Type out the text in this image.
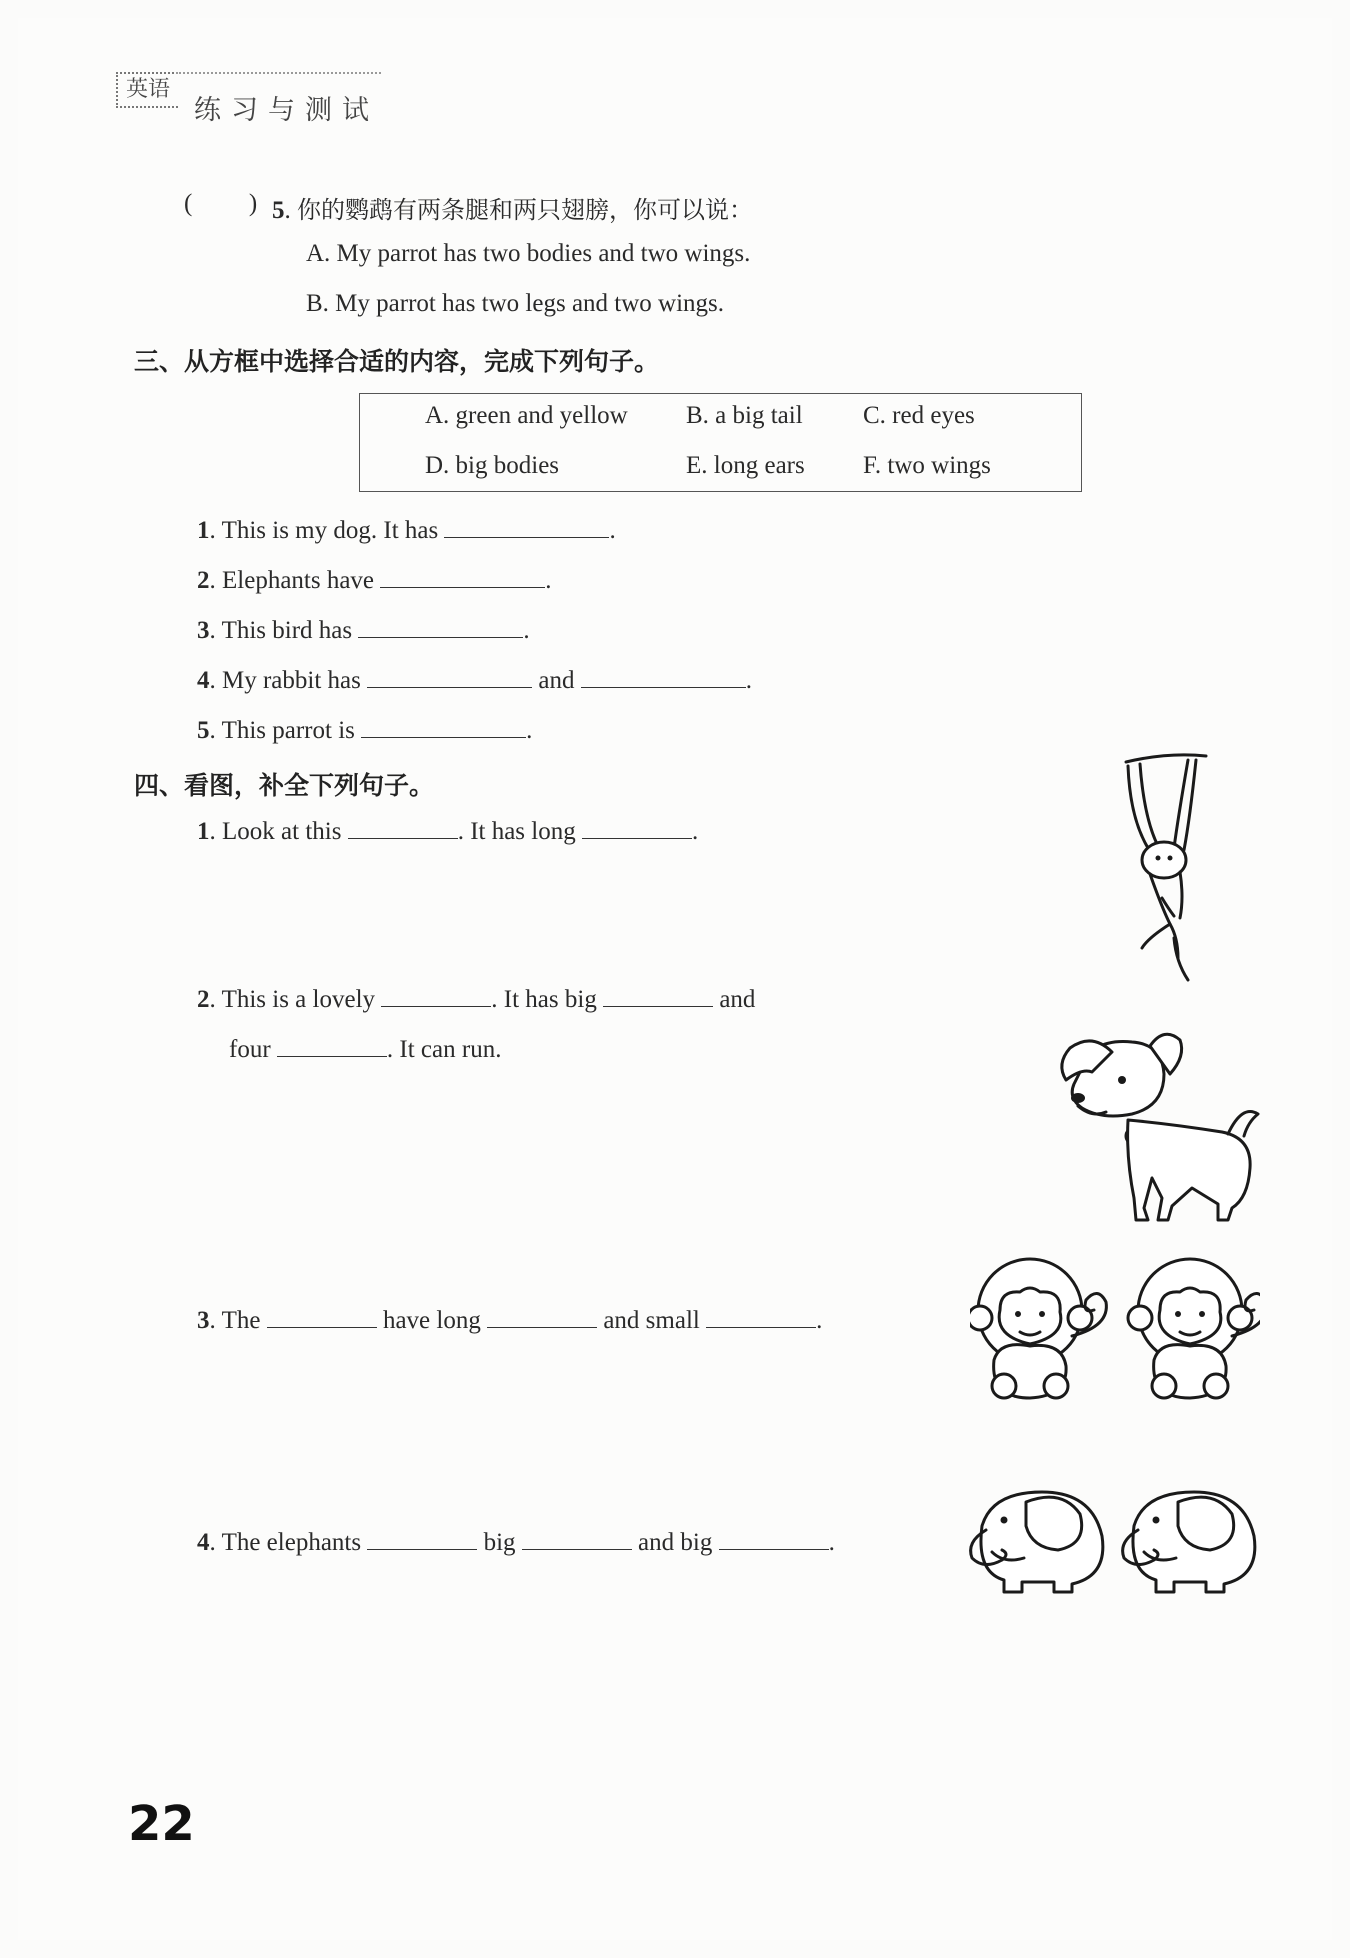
英语
练习与测试
( ) 5. 你的鹦鹉有两条腿和两只翅膀，你可以说：
A. My parrot has two bodies and two wings.
B. My parrot has two legs and two wings.
三、从方框中选择合适的内容，完成下列句子。
A. green and yellow B. a big tail C. red eyes
D. big bodies	E. long ears F. two wings
1. This is my dog. It has	.
2. Elephants have	.
3. This bird has	.
4. My rabbit has	and	.
5. This parrot is	.
四、看图，补全下列句子。
1. Look at this	. It has long	.
2. This is a lovely	. It has big	and
four	. It can run.
3. The	have long	and small	.
4. The elephants	big	and big	.
22
